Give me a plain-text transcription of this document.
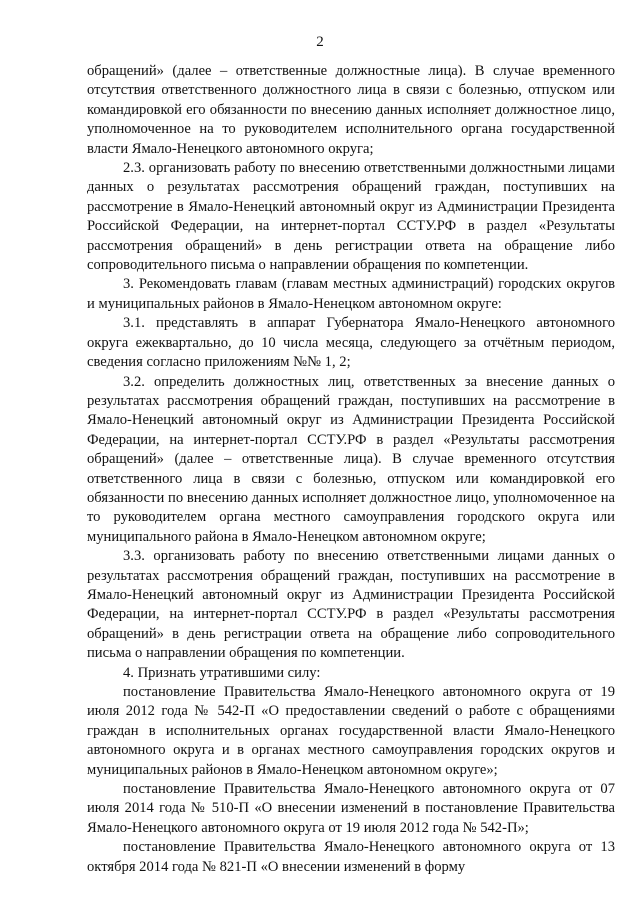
2

обращений» (далее – ответственные должностные лица). В случае временного отсутствия ответственного должностного лица в связи с болезнью, отпуском или командировкой его обязанности по внесению данных исполняет должностное лицо, уполномоченное на то руководителем исполнительного органа государственной власти Ямало-Ненецкого автономного округа;

2.3. организовать работу по внесению ответственными должностными лицами данных о результатах рассмотрения обращений граждан, поступивших на рассмотрение в Ямало-Ненецкий автономный округ из Администрации Президента Российской Федерации, на интернет-портал ССТУ.РФ в раздел «Результаты рассмотрения обращений» в день регистрации ответа на обращение либо сопроводительного письма о направлении обращения по компетенции.

3. Рекомендовать главам (главам местных администраций) городских округов и муниципальных районов в Ямало-Ненецком автономном округе:

3.1. представлять в аппарат Губернатора Ямало-Ненецкого автономного округа ежеквартально, до 10 числа месяца, следующего за отчётным периодом, сведения согласно приложениям №№ 1, 2;

3.2. определить должностных лиц, ответственных за внесение данных о результатах рассмотрения обращений граждан, поступивших на рассмотрение в Ямало-Ненецкий автономный округ из Администрации Президента Российской Федерации, на интернет-портал ССТУ.РФ в раздел «Результаты рассмотрения обращений» (далее – ответственные лица). В случае временного отсутствия ответственного лица в связи с болезнью, отпуском или командировкой его обязанности по внесению данных исполняет должностное лицо, уполномоченное на то руководителем органа местного самоуправления городского округа или муниципального района в Ямало-Ненецком автономном округе;

3.3. организовать работу по внесению ответственными лицами данных о результатах рассмотрения обращений граждан, поступивших на рассмотрение в Ямало-Ненецкий автономный округ из Администрации Президента Российской Федерации, на интернет-портал ССТУ.РФ в раздел «Результаты рассмотрения обращений» в день регистрации ответа на обращение либо сопроводительного письма о направлении обращения по компетенции.

4. Признать утратившими силу:

постановление Правительства Ямало-Ненецкого автономного округа от 19 июля 2012 года № 542-П «О предоставлении сведений о работе с обращениями граждан в исполнительных органах государственной власти Ямало-Ненецкого автономного округа и в органах местного самоуправления городских округов и муниципальных районов в Ямало-Ненецком автономном округе»;

постановление Правительства Ямало-Ненецкого автономного округа от 07 июля 2014 года № 510-П «О внесении изменений в постановление Правительства Ямало-Ненецкого автономного округа от 19 июля 2012 года № 542-П»;

постановление Правительства Ямало-Ненецкого автономного округа от 13 октября 2014 года № 821-П «О внесении изменений в форму
